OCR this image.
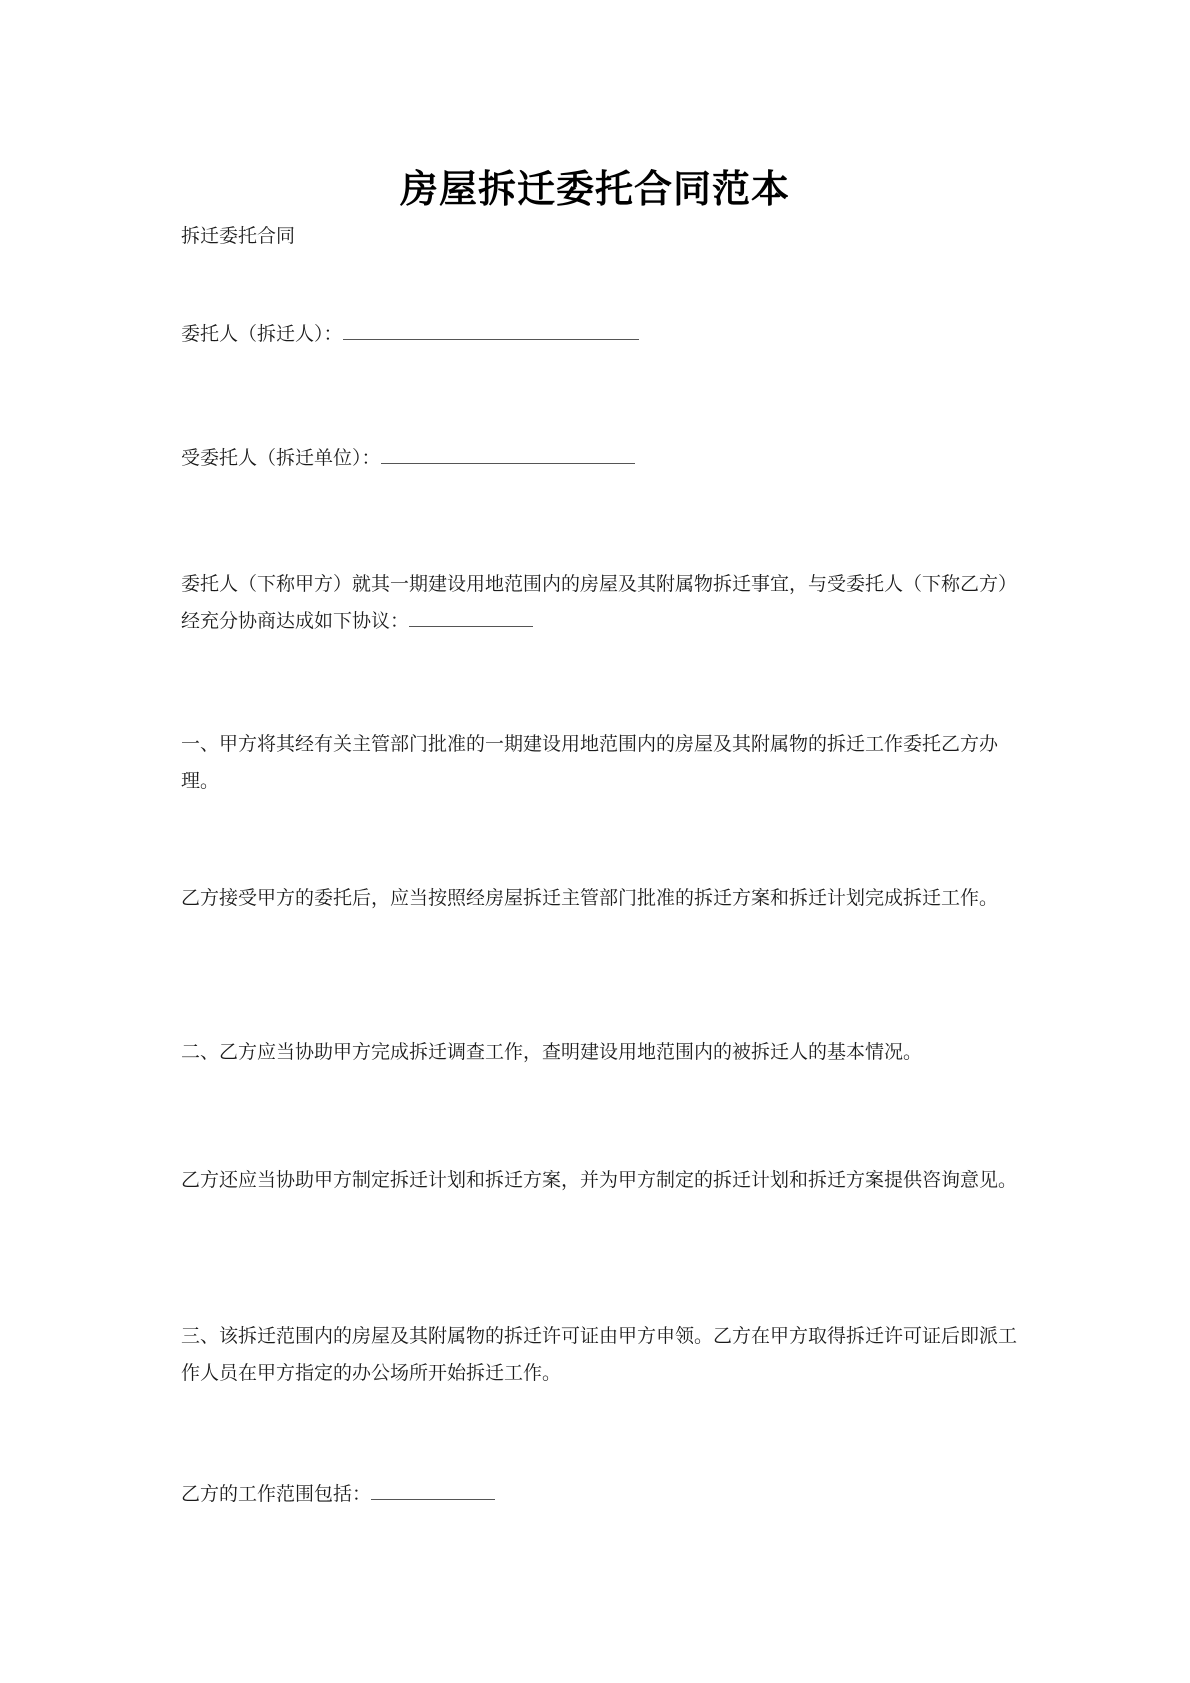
房屋拆迁委托合同范本

拆迁委托合同

委托人（拆迁人）：

受委托人（拆迁单位）：

委托人（下称甲方）就其一期建设用地范围内的房屋及其附属物拆迁事宜，与受委托人（下称乙方）经充分协商达成如下协议：

一、甲方将其经有关主管部门批准的一期建设用地范围内的房屋及其附属物的拆迁工作委托乙方办理。

乙方接受甲方的委托后，应当按照经房屋拆迁主管部门批准的拆迁方案和拆迁计划完成拆迁工作。

二、乙方应当协助甲方完成拆迁调查工作，查明建设用地范围内的被拆迁人的基本情况。

乙方还应当协助甲方制定拆迁计划和拆迁方案，并为甲方制定的拆迁计划和拆迁方案提供咨询意见。

三、该拆迁范围内的房屋及其附属物的拆迁许可证由甲方申领。乙方在甲方取得拆迁许可证后即派工作人员在甲方指定的办公场所开始拆迁工作。

乙方的工作范围包括：
